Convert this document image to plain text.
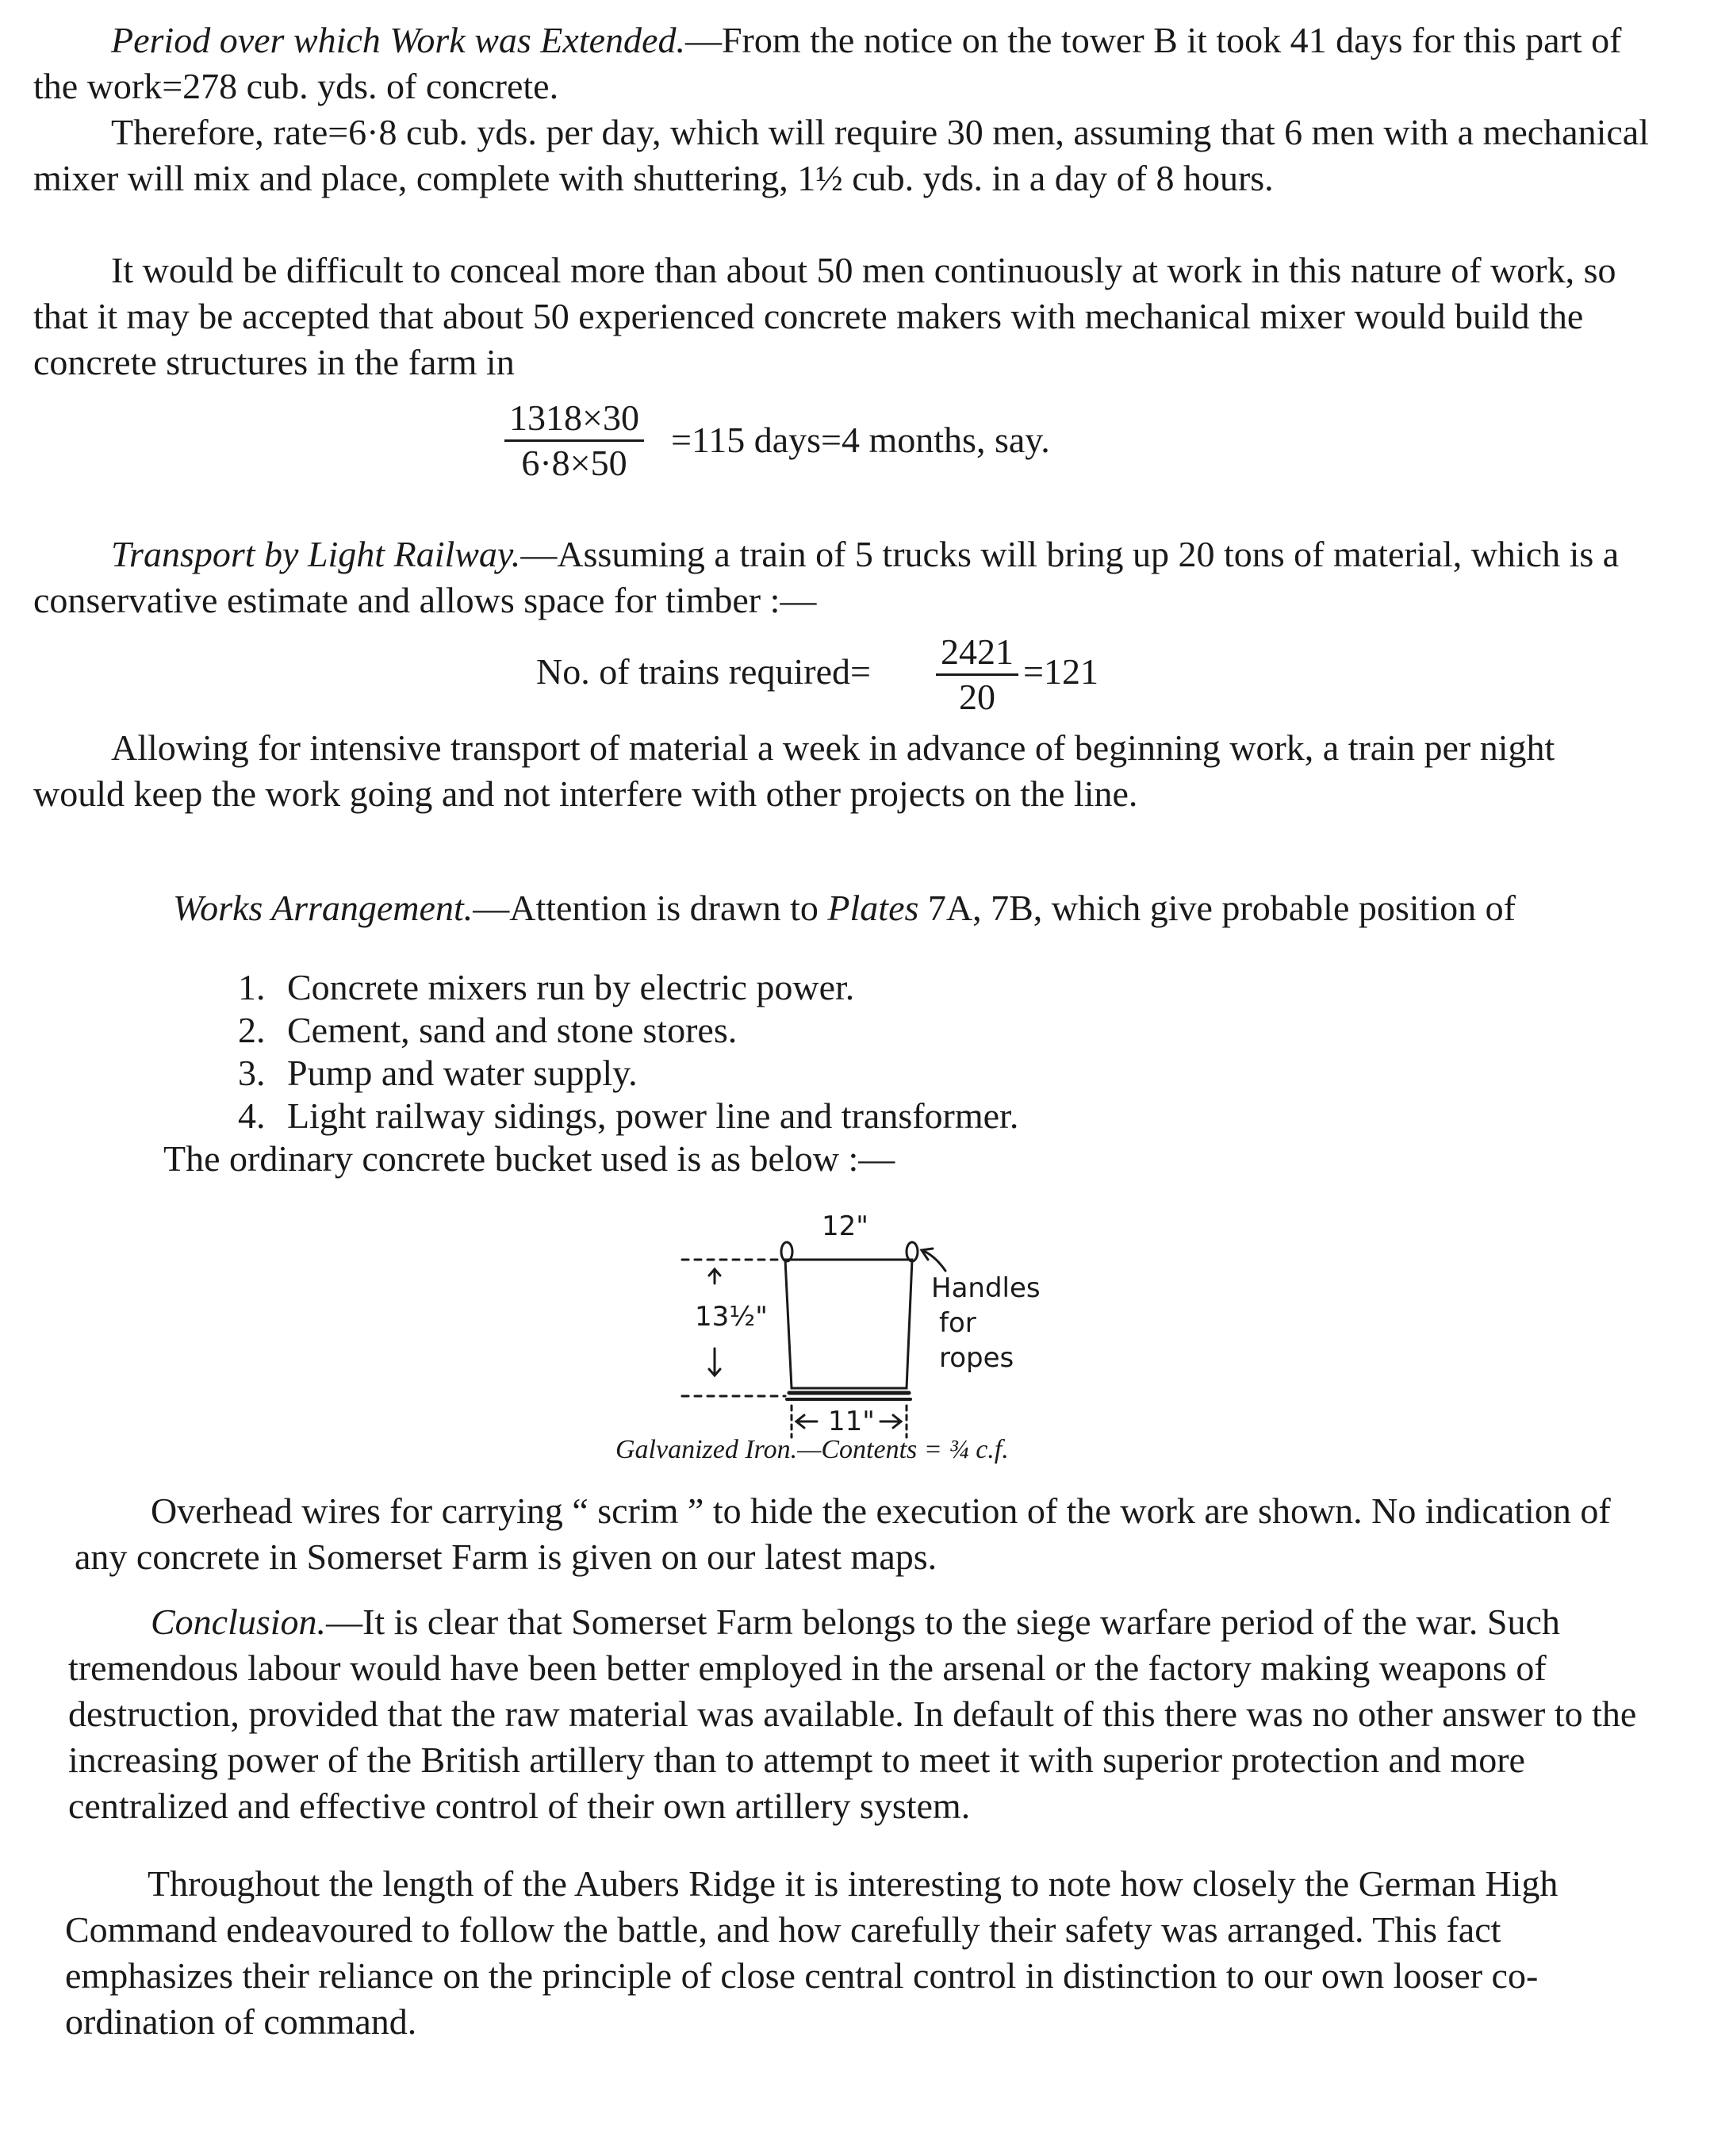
Period over which Work was Extended.—From the notice on the tower B it took 41 days for this part of the work=278 cub. yds. of concrete.

Therefore, rate=6·8 cub. yds. per day, which will require 30 men, assuming that 6 men with a mechanical mixer will mix and place, complete with shuttering, 1½ cub. yds. in a day of 8 hours.

It would be difficult to conceal more than about 50 men continuously at work in this nature of work, so that it may be accepted that about 50 experienced concrete makers with mechanical mixer would build the concrete structures in the farm in

$\frac{1318\times 30}{6\cdot 8\times 50} =115$ days=4 months, say.

Transport by Light Railway.—Assuming a train of 5 trucks will bring up 20 tons of material, which is a conservative estimate and allows space for timber :—

No. of trains required= $\frac{2421}{20} =121$

Allowing for intensive transport of material a week in advance of beginning work, a train per night would keep the work going and not interfere with other projects on the line.

Works Arrangement.—Attention is drawn to Plates 7A, 7B, which give probable position of

1. Concrete mixers run by electric power.
2. Cement, sand and stone stores.
3. Pump and water supply.
4. Light railway sidings, power line and transformer.
The ordinary concrete bucket used is as below :—
12"
13½"
11"
Handles
for
ropes
Galvanized Iron.—Contents = ¾ c.f.

Overhead wires for carrying “ scrim ” to hide the execution of the work are shown. No indication of any concrete in Somerset Farm is given on our latest maps.

Conclusion.—It is clear that Somerset Farm belongs to the siege warfare period of the war. Such tremendous labour would have been better employed in the arsenal or the factory making weapons of destruction, provided that the raw material was available. In default of this there was no other answer to the increasing power of the British artillery than to attempt to meet it with superior protection and more centralized and effective control of their own artillery system.

Throughout the length of the Aubers Ridge it is interesting to note how closely the German High Command endeavoured to follow the battle, and how carefully their safety was arranged. This fact emphasizes their reliance on the principle of close central control in distinction to our own looser co-ordination of command.
